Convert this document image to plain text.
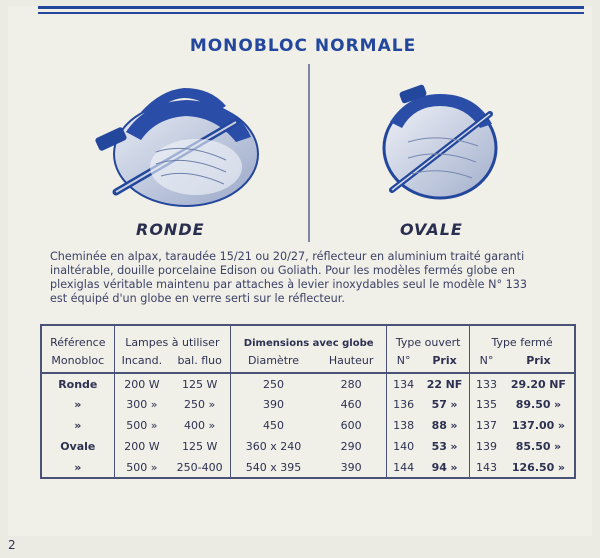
MONOBLOC NORMALE
RONDE	OVALE
Cheminée en alpax, taraudée 15/21 ou 20/27, réflecteur en aluminium traité garanti
inaltérable, douille porcelaine Edison ou Goliath. Pour les modèles fermés globe en
plexiglas véritable maintenu par attaches à levier inoxydables seul le modèle N° 133
est équipé d'un globe en verre serti sur le réflecteur.
Référence	Lampes à utiliser		Dimensions avec globe		Type ouvert		Type fermé	
Monobloc	Incand.	bal. fluo	Diamètre	Hauteur	N°	Prix	N°	Prix
Ronde	200 W	125 W	250	280	134	22 NF	133	29.20 NF
»	300 »	250 »	390	460	136	57 »	135	89.50 »
»	500 »	400 »	450	600	138	88 »	137	137.00 »
Ovale	200 W	125 W	360 x 240	290	140	53 »	139	85.50 »
»	500 »	250-400	540 x 395	390	144	94 »	143	126.50 »
2
